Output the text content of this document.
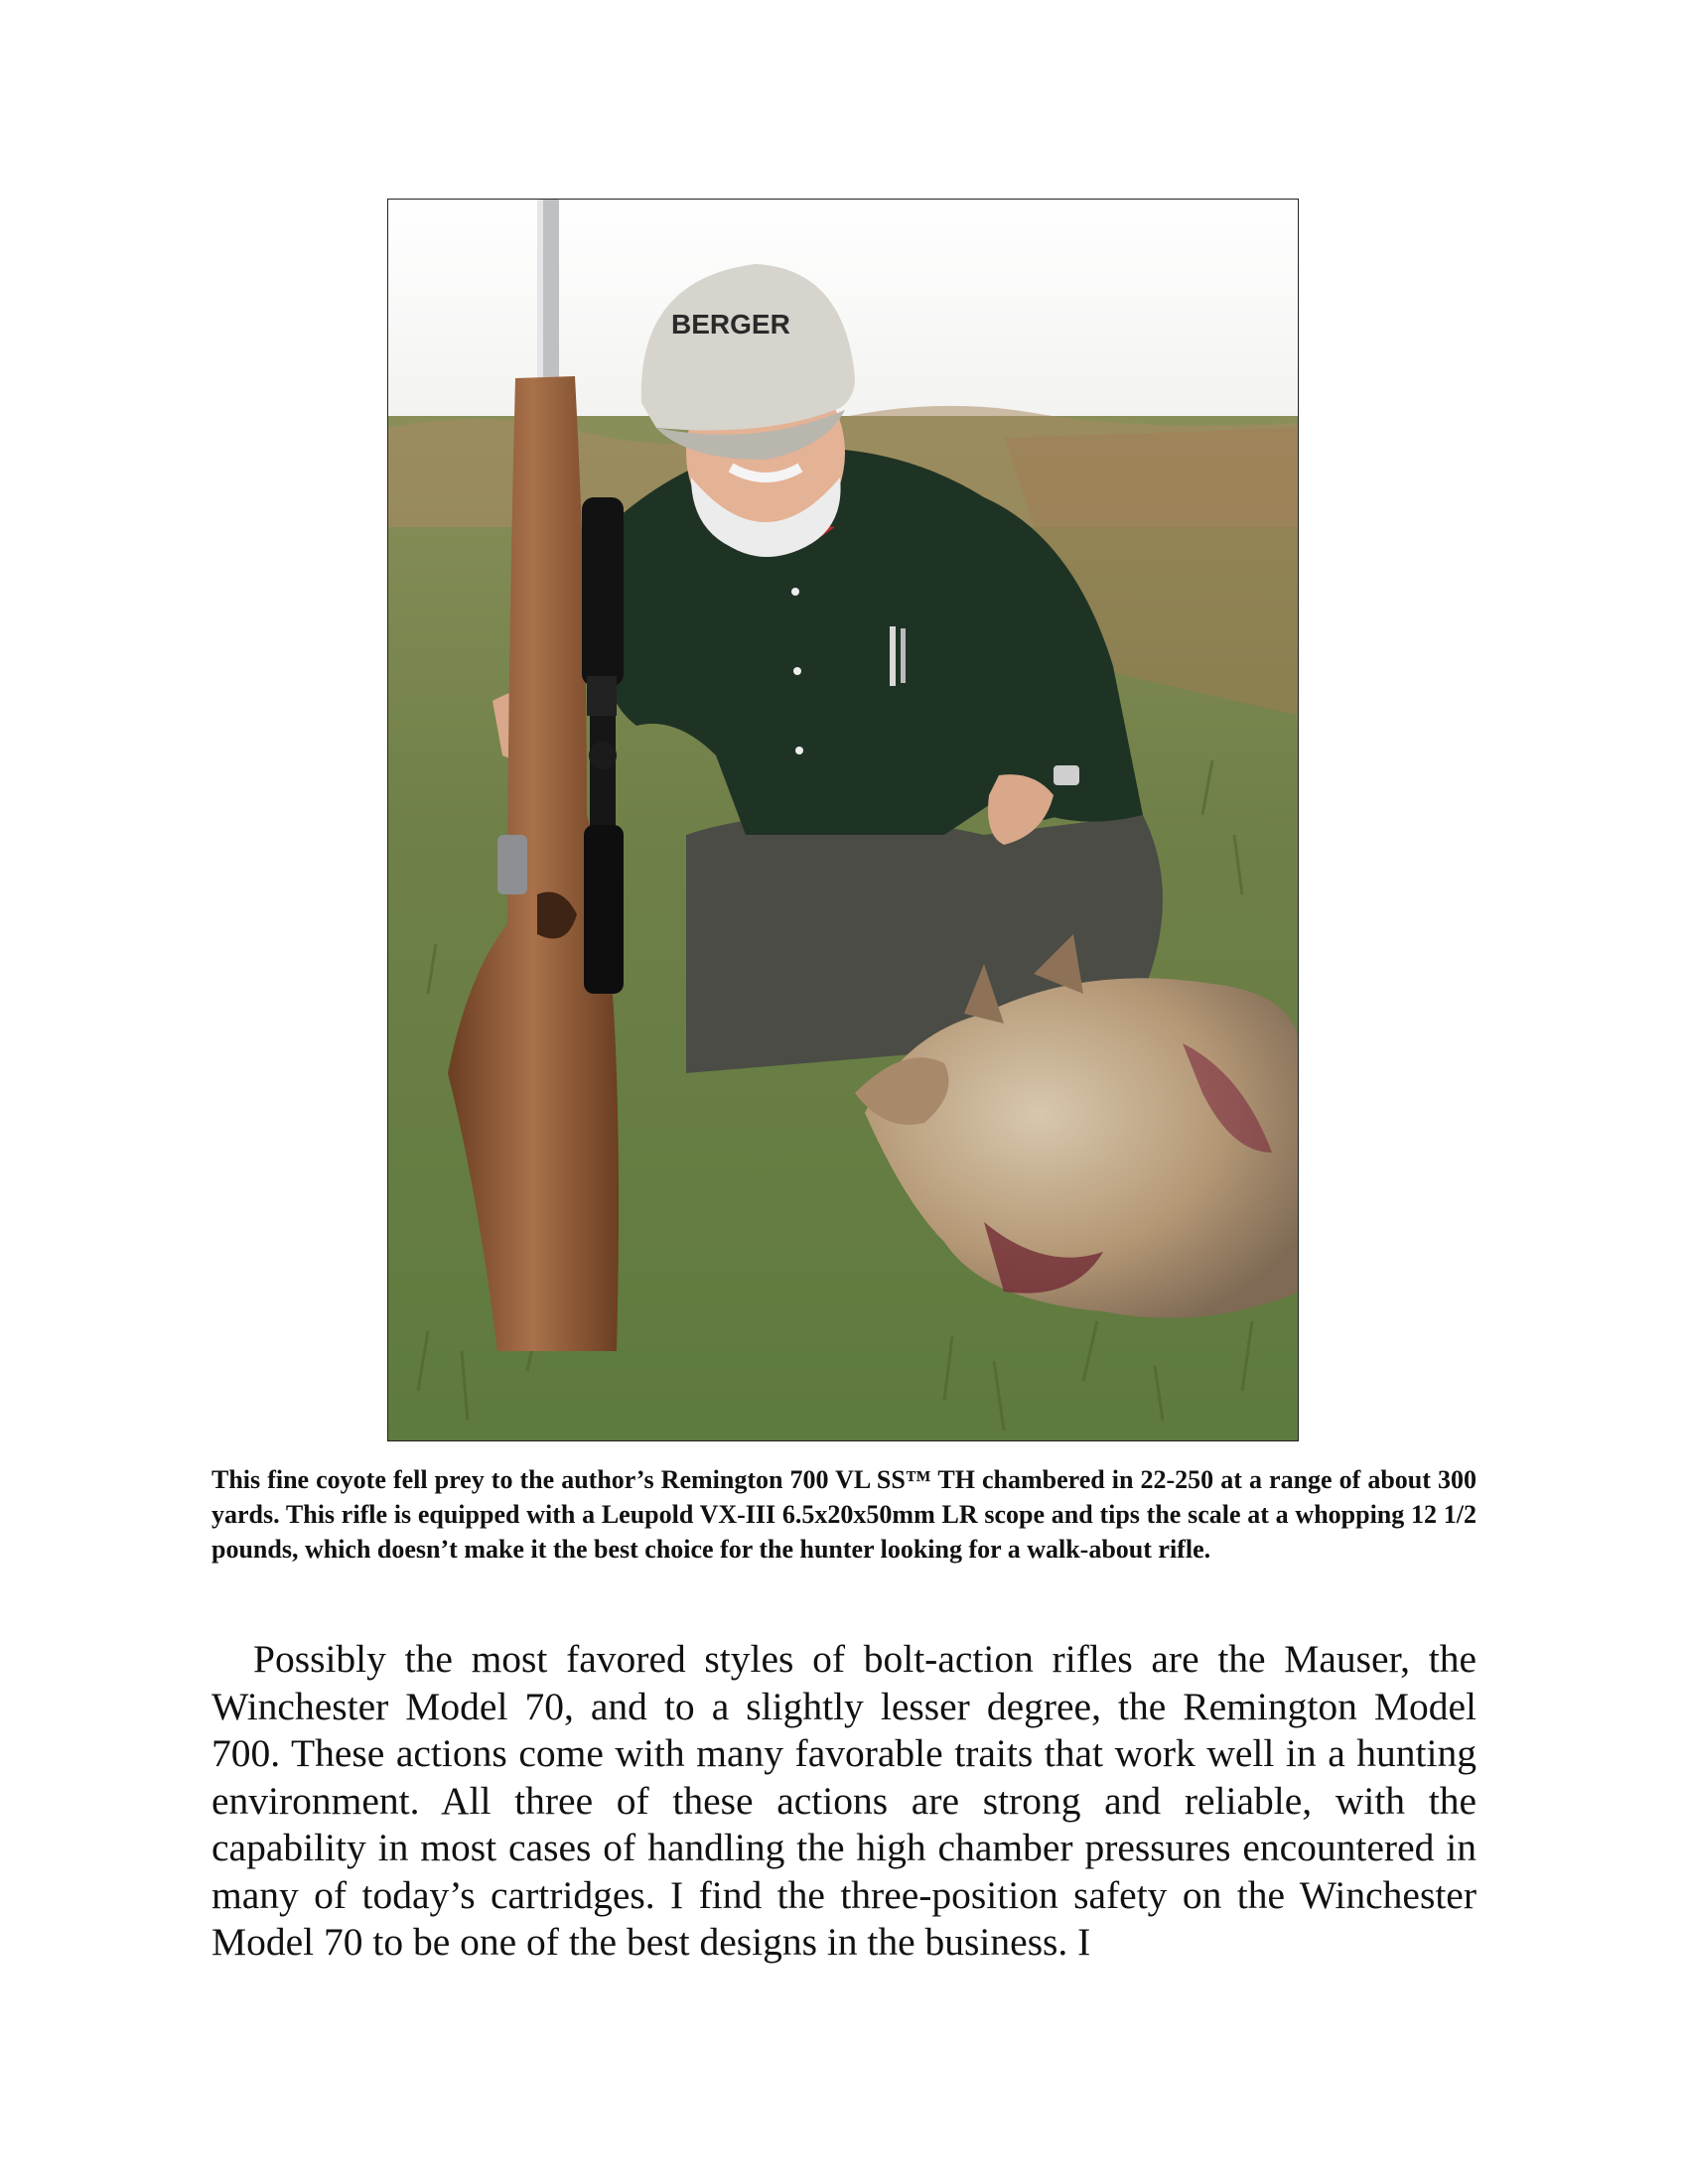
BERGER
This fine coyote fell prey to the author’s Remington 700 VL SS™ TH chambered in 22-250 at a range of about 300 yards. This rifle is equipped with a Leupold VX-III 6.5x20x50mm LR scope and tips the scale at a whopping 12 1/2 pounds, which doesn’t make it the best choice for the hunter looking for a walk-about rifle.

Possibly the most favored styles of bolt-action rifles are the Mauser, the Winchester Model 70, and to a slightly lesser degree, the Remington Model 700. These actions come with many favorable traits that work well in a hunting environment. All three of these actions are strong and reliable, with the capability in most cases of handling the high chamber pressures encountered in many of today’s cartridges. I find the three-position safety on the Winchester Model 70 to be one of the best designs in the business. I
